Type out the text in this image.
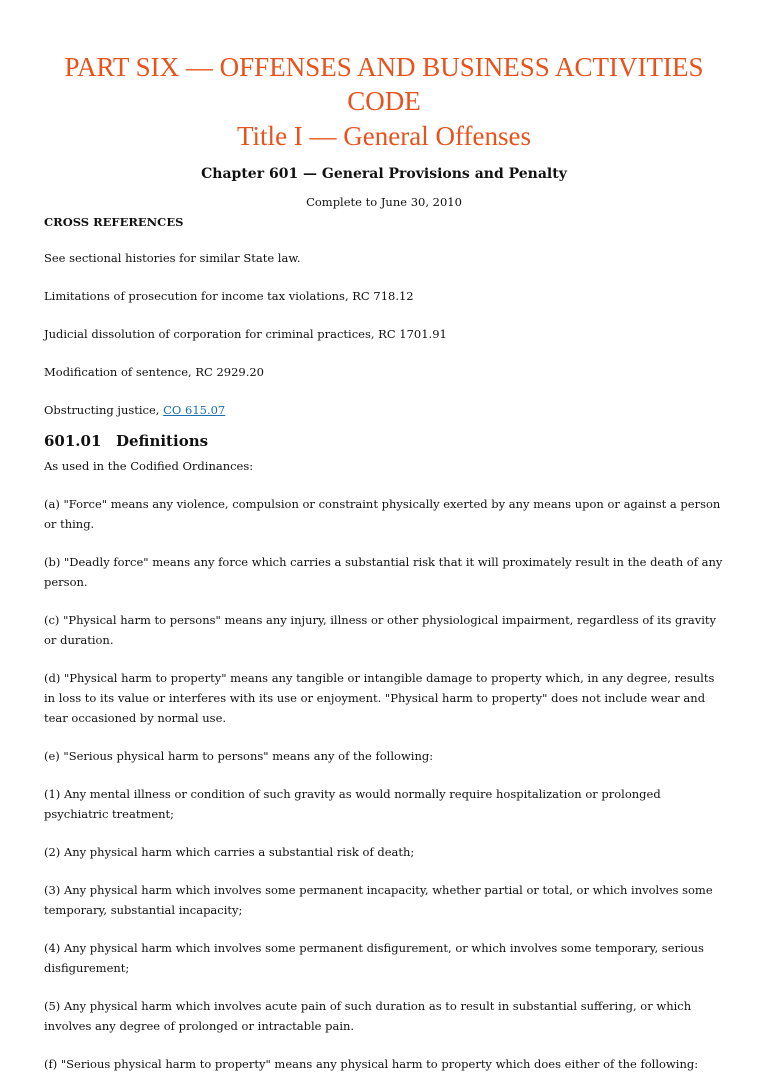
PART SIX — OFFENSES AND BUSINESS ACTIVITIES CODE
Title I — General Offenses
Chapter 601 — General Provisions and Penalty
Complete to June 30, 2010
CROSS REFERENCES

See sectional histories for similar State law.

Limitations of prosecution for income tax violations, RC 718.12

Judicial dissolution of corporation for criminal practices, RC 1701.91

Modification of sentence, RC 2929.20

Obstructing justice, CO 615.07

601.01 Definitions

As used in the Codified Ordinances:

(a) "Force" means any violence, compulsion or constraint physically exerted by any means upon or against a person or thing.

(b) "Deadly force" means any force which carries a substantial risk that it will proximately result in the death of any person.

(c) "Physical harm to persons" means any injury, illness or other physiological impairment, regardless of its gravity or duration.

(d) "Physical harm to property" means any tangible or intangible damage to property which, in any degree, results in loss to its value or interferes with its use or enjoyment. "Physical harm to property" does not include wear and tear occasioned by normal use.

(e) "Serious physical harm to persons" means any of the following:

(1) Any mental illness or condition of such gravity as would normally require hospitalization or prolonged psychiatric treatment;

(2) Any physical harm which carries a substantial risk of death;

(3) Any physical harm which involves some permanent incapacity, whether partial or total, or which involves some temporary, substantial incapacity;

(4) Any physical harm which involves some permanent disfigurement, or which involves some temporary, serious disfigurement;

(5) Any physical harm which involves acute pain of such duration as to result in substantial suffering, or which involves any degree of prolonged or intractable pain.

(f) "Serious physical harm to property" means any physical harm to property which does either of the following:
